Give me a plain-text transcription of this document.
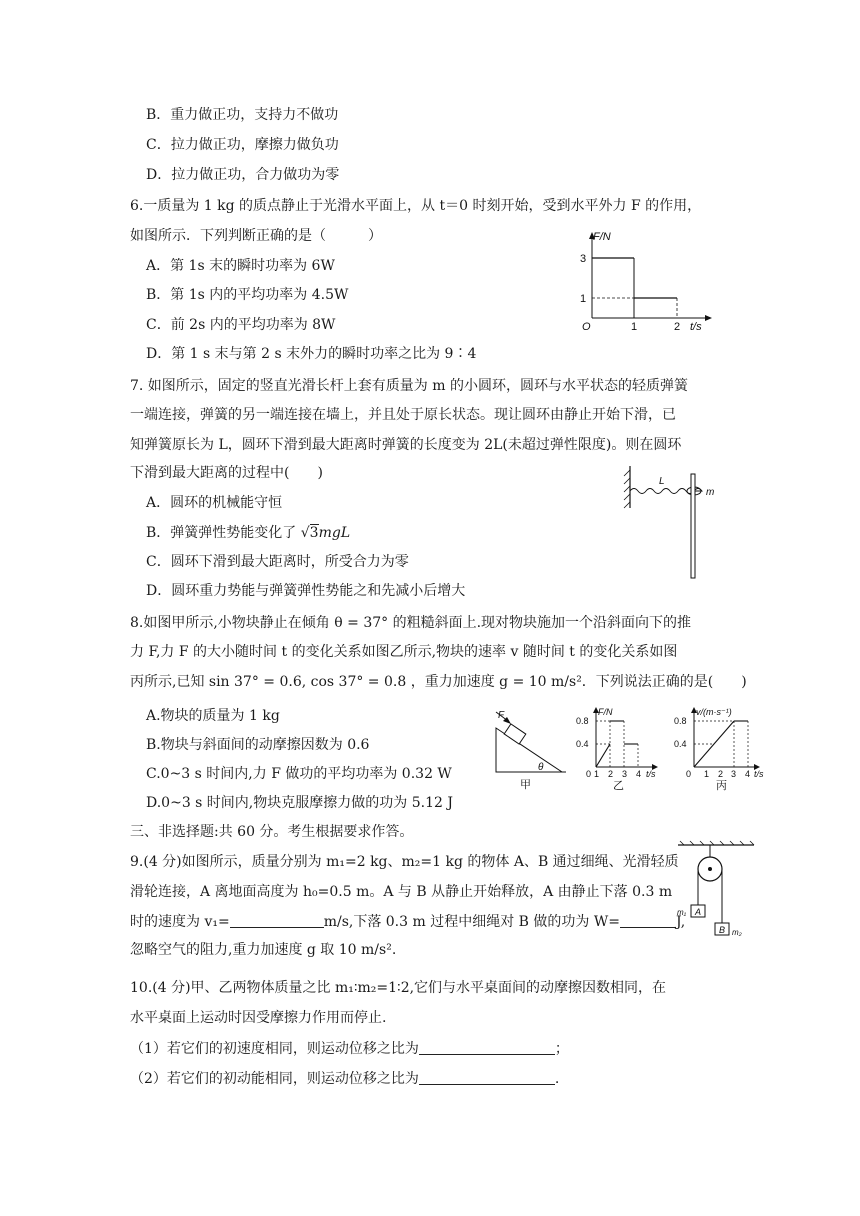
B．重力做正功，支持力不做功
C．拉力做正功，摩擦力做负功
D．拉力做正功，合力做功为零
6.一质量为 1 kg 的质点静止于光滑水平面上，从 t＝0 时刻开始，受到水平外力 F 的作用，
如图所示．下列判断正确的是（　　　）
A．第 1s 末的瞬时功率为 6W
B．第 1s 内的平均功率为 4.5W
C．前 2s 内的平均功率为 8W
D．第 1 s 末与第 2 s 末外力的瞬时功率之比为 9∶4
F/N
3
1
O	1	2 t/s
7. 如图所示，固定的竖直光滑长杆上套有质量为 m 的小圆环，圆环与水平状态的轻质弹簧
一端连接，弹簧的另一端连接在墙上，并且处于原长状态。现让圆环由静止开始下滑，已
知弹簧原长为 L，圆环下滑到最大距离时弹簧的长度变为 2L(未超过弹性限度)。则在圆环
下滑到最大距离的过程中(　　)
A．圆环的机械能守恒
B．弹簧弹性势能变化了 √3mgL
C．圆环下滑到最大距离时，所受合力为零
D．圆环重力势能与弹簧弹性势能之和先减小后增大
L
m
8.如图甲所示,小物块静止在倾角 θ = 37° 的粗糙斜面上.现对物块施加一个沿斜面向下的推
力 F,力 F 的大小随时间 t 的变化关系如图乙所示,物块的速率 v 随时间 t 的变化关系如图
丙所示,已知 sin 37° = 0.6, cos 37° = 0.8 ，重力加速度 g = 10 m/s²．下列说法正确的是(　　)
A.物块的质量为 1 kg
B.物块与斜面间的动摩擦因数为 0.6
C.0~3 s 时间内,力 F 做功的平均功率为 0.32 W
D.0~3 s 时间内,物块克服摩擦力做的功为 5.12 J
F
θ
甲
F/N
0.8
0.4
0 1 2 3 4 t/s
乙
v/(m·s⁻¹)
0.8
0.4
0 1 2 3 4 t/s
丙
三、非选择题:共 60 分。考生根据要求作答。
9.(4 分)如图所示，质量分别为 m₁=2 kg、m₂=1 kg 的物体 A、B 通过细绳、光滑轻质
滑轮连接，A 离地面高度为 h₀=0.5 m。A 与 B 从静止开始释放，A 由静止下落 0.3 m
时的速度为 v₁=	m/s,下落 0.3 m 过程中细绳对 B 做的功为 W=	J,
忽略空气的阻力,重力加速度 g 取 10 m/s².
m₁ A
B m₂
10.(4 分)甲、乙两物体质量之比 m₁∶m₂=1∶2,它们与水平桌面间的动摩擦因数相同，在
水平桌面上运动时因受摩擦力作用而停止.
（1）若它们的初速度相同，则运动位移之比为	；
（2）若它们的初动能相同，则运动位移之比为	.
